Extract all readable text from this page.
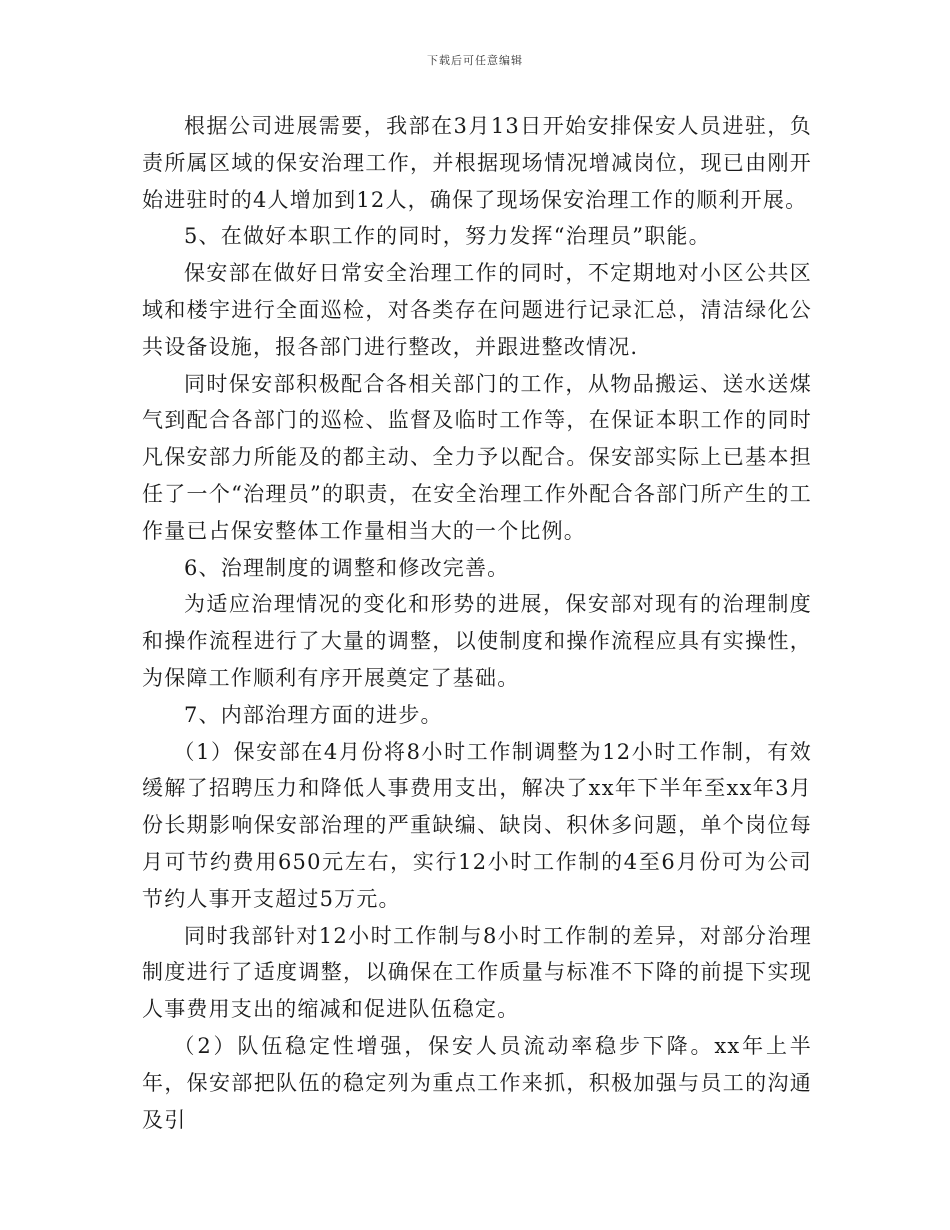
下载后可任意编辑

根据公司进展需要，我部在3月13日开始安排保安人员进驻，负责所属区域的保安治理工作，并根据现场情况增减岗位，现已由刚开始进驻时的4人增加到12人，确保了现场保安治理工作的顺利开展。

5、在做好本职工作的同时，努力发挥“治理员”职能。

保安部在做好日常安全治理工作的同时，不定期地对小区公共区域和楼宇进行全面巡检，对各类存在问题进行记录汇总，清洁绿化公共设备设施，报各部门进行整改，并跟进整改情况.

同时保安部积极配合各相关部门的工作，从物品搬运、送水送煤气到配合各部门的巡检、监督及临时工作等，在保证本职工作的同时凡保安部力所能及的都主动、全力予以配合。保安部实际上已基本担任了一个“治理员”的职责，在安全治理工作外配合各部门所产生的工作量已占保安整体工作量相当大的一个比例。

6、治理制度的调整和修改完善。

为适应治理情况的变化和形势的进展，保安部对现有的治理制度和操作流程进行了大量的调整，以使制度和操作流程应具有实操性，为保障工作顺利有序开展奠定了基础。

7、内部治理方面的进步。

（1）保安部在4月份将8小时工作制调整为12小时工作制，有效缓解了招聘压力和降低人事费用支出，解决了xx年下半年至xx年3月份长期影响保安部治理的严重缺编、缺岗、积休多问题，单个岗位每月可节约费用650元左右，实行12小时工作制的4至6月份可为公司节约人事开支超过5万元。

同时我部针对12小时工作制与8小时工作制的差异，对部分治理制度进行了适度调整，以确保在工作质量与标准不下降的前提下实现人事费用支出的缩减和促进队伍稳定。

（2）队伍稳定性增强，保安人员流动率稳步下降。xx年上半年，保安部把队伍的稳定列为重点工作来抓，积极加强与员工的沟通及引
